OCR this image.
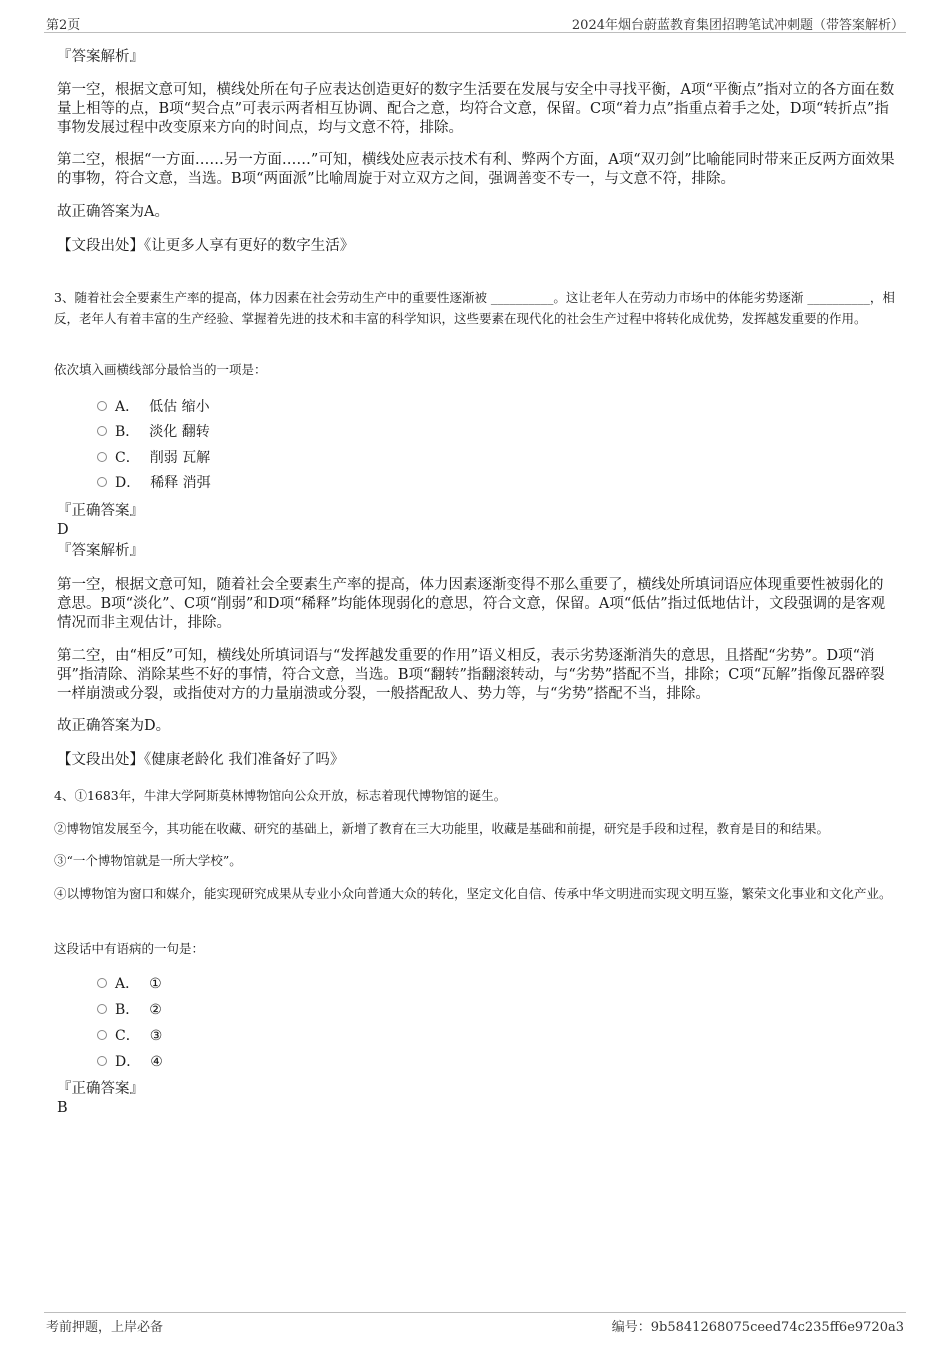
第2页	2024年烟台蔚蓝教育集团招聘笔试冲刺题（带答案解析）
『答案解析』
第一空，根据文意可知，横线处所在句子应表达创造更好的数字生活要在发展与安全中寻找平衡，A项“平衡点”指对立的各方面在数量上相等的点，B项“契合点”可表示两者相互协调、配合之意，均符合文意，保留。C项“着力点”指重点着手之处，D项“转折点”指事物发展过程中改变原来方向的时间点，均与文意不符，排除。
第二空，根据“一方面……另一方面……”可知，横线处应表示技术有利、弊两个方面，A项“双刃剑”比喻能同时带来正反两方面效果的事物，符合文意，当选。B项“两面派”比喻周旋于对立双方之间，强调善变不专一，与文意不符，排除。
故正确答案为A。
【文段出处】《让更多人享有更好的数字生活》
3、随着社会全要素生产率的提高，体力因素在社会劳动生产中的重要性逐渐被 __________。这让老年人在劳动力市场中的体能劣势逐渐 __________，相反，老年人有着丰富的生产经验、掌握着先进的技术和丰富的科学知识，这些要素在现代化的社会生产过程中将转化成优势，发挥越发重要的作用。
依次填入画横线部分最恰当的一项是：
A． 低估 缩小
B． 淡化 翻转
C． 削弱 瓦解
D． 稀释 消弭
『正确答案』
D
『答案解析』
第一空，根据文意可知，随着社会全要素生产率的提高，体力因素逐渐变得不那么重要了，横线处所填词语应体现重要性被弱化的意思。B项“淡化”、C项“削弱”和D项“稀释”均能体现弱化的意思，符合文意，保留。A项“低估”指过低地估计，文段强调的是客观情况而非主观估计，排除。
第二空，由“相反”可知，横线处所填词语与“发挥越发重要的作用”语义相反，表示劣势逐渐消失的意思，且搭配“劣势”。D项“消弭”指清除、消除某些不好的事情，符合文意，当选。B项“翻转”指翻滚转动，与“劣势”搭配不当，排除；C项“瓦解”指像瓦器碎裂一样崩溃或分裂，或指使对方的力量崩溃或分裂，一般搭配敌人、势力等，与“劣势”搭配不当，排除。
故正确答案为D。
【文段出处】《健康老龄化 我们准备好了吗》
4、①1683年，牛津大学阿斯莫林博物馆向公众开放，标志着现代博物馆的诞生。
②博物馆发展至今，其功能在收藏、研究的基础上，新增了教育在三大功能里，收藏是基础和前提，研究是手段和过程，教育是目的和结果。
③“一个博物馆就是一所大学校”。
④以博物馆为窗口和媒介，能实现研究成果从专业小众向普通大众的转化，坚定文化自信、传承中华文明进而实现文明互鉴，繁荣文化事业和文化产业。
这段话中有语病的一句是：
A． ①
B． ②
C． ③
D． ④
『正确答案』
B
考前押题，上岸必备	编号：9b5841268075ceed74c235ff6e9720a3
